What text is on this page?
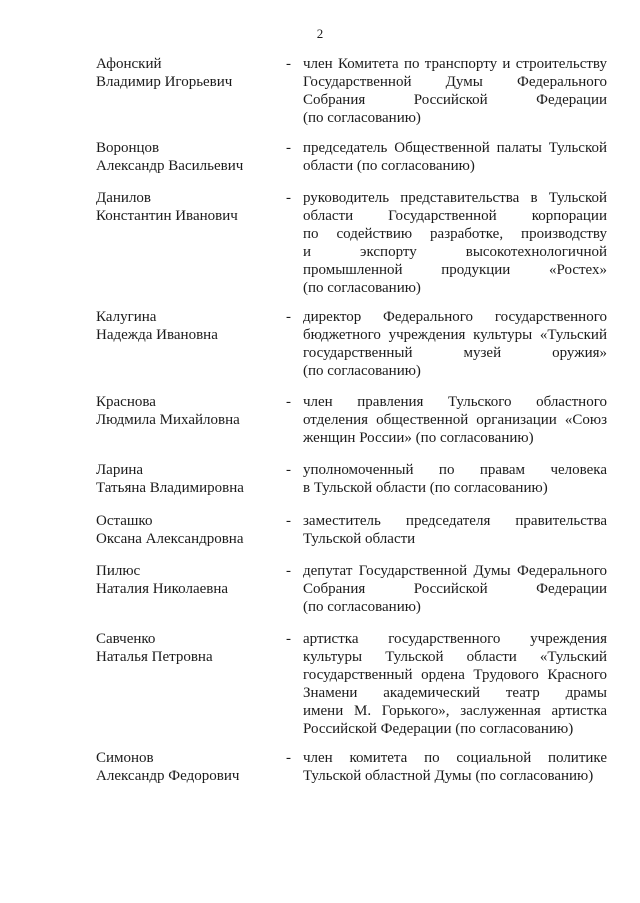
2
Афонский
Владимир Игорьевич
- член Комитета по транспорту и строительству
Государственной Думы Федерального
Собрания Российской Федерации
(по согласованию)
Воронцов
Александр Васильевич
- председатель Общественной палаты Тульской
области (по согласованию)
Данилов
Константин Иванович
- руководитель представительства в Тульской
области Государственной корпорации
по содействию разработке, производству
и экспорту высокотехнологичной
промышленной продукции «Ростех»
(по согласованию)
Калугина
Надежда Ивановна
- директор Федерального государственного
бюджетного учреждения культуры «Тульский
государственный музей оружия»
(по согласованию)
Краснова
Людмила Михайловна
- член правления Тульского областного
отделения общественной организации «Союз
женщин России» (по согласованию)
Ларина
Татьяна Владимировна
- уполномоченный по правам человека
в Тульской области (по согласованию)
Осташко
Оксана Александровна
- заместитель председателя правительства
Тульской области
Пилюс
Наталия Николаевна
- депутат Государственной Думы Федерального
Собрания Российской Федерации
(по согласованию)
Савченко
Наталья Петровна
- артистка государственного учреждения
культуры Тульской области «Тульский
государственный ордена Трудового Красного
Знамени академический театр драмы
имени М. Горького», заслуженная артистка
Российской Федерации (по согласованию)
Симонов
Александр Федорович
- член комитета по социальной политике
Тульской областной Думы (по согласованию)
